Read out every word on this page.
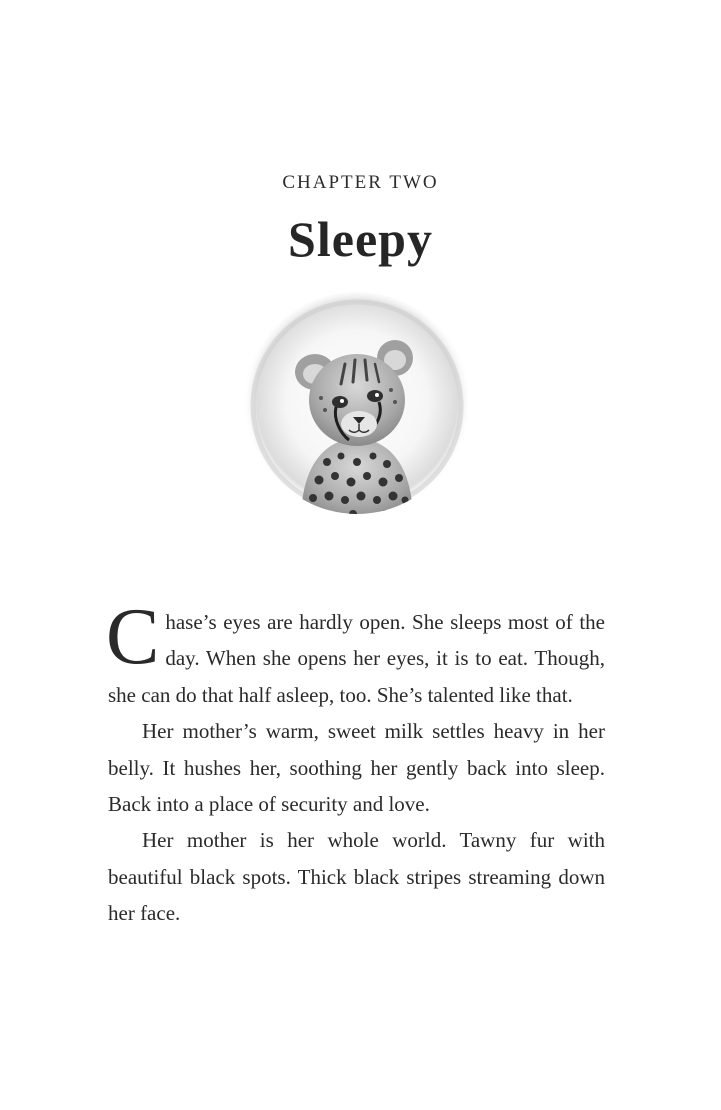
CHAPTER TWO
Sleepy

Chase’s eyes are hardly open. She sleeps most of the day. When she opens her eyes, it is to eat. Though, she can do that half asleep, too. She’s talented like that.

Her mother’s warm, sweet milk settles heavy in her belly. It hushes her, soothing her gently back into sleep. Back into a place of security and love.

Her mother is her whole world. Tawny fur with beautiful black spots. Thick black stripes streaming down her face.
